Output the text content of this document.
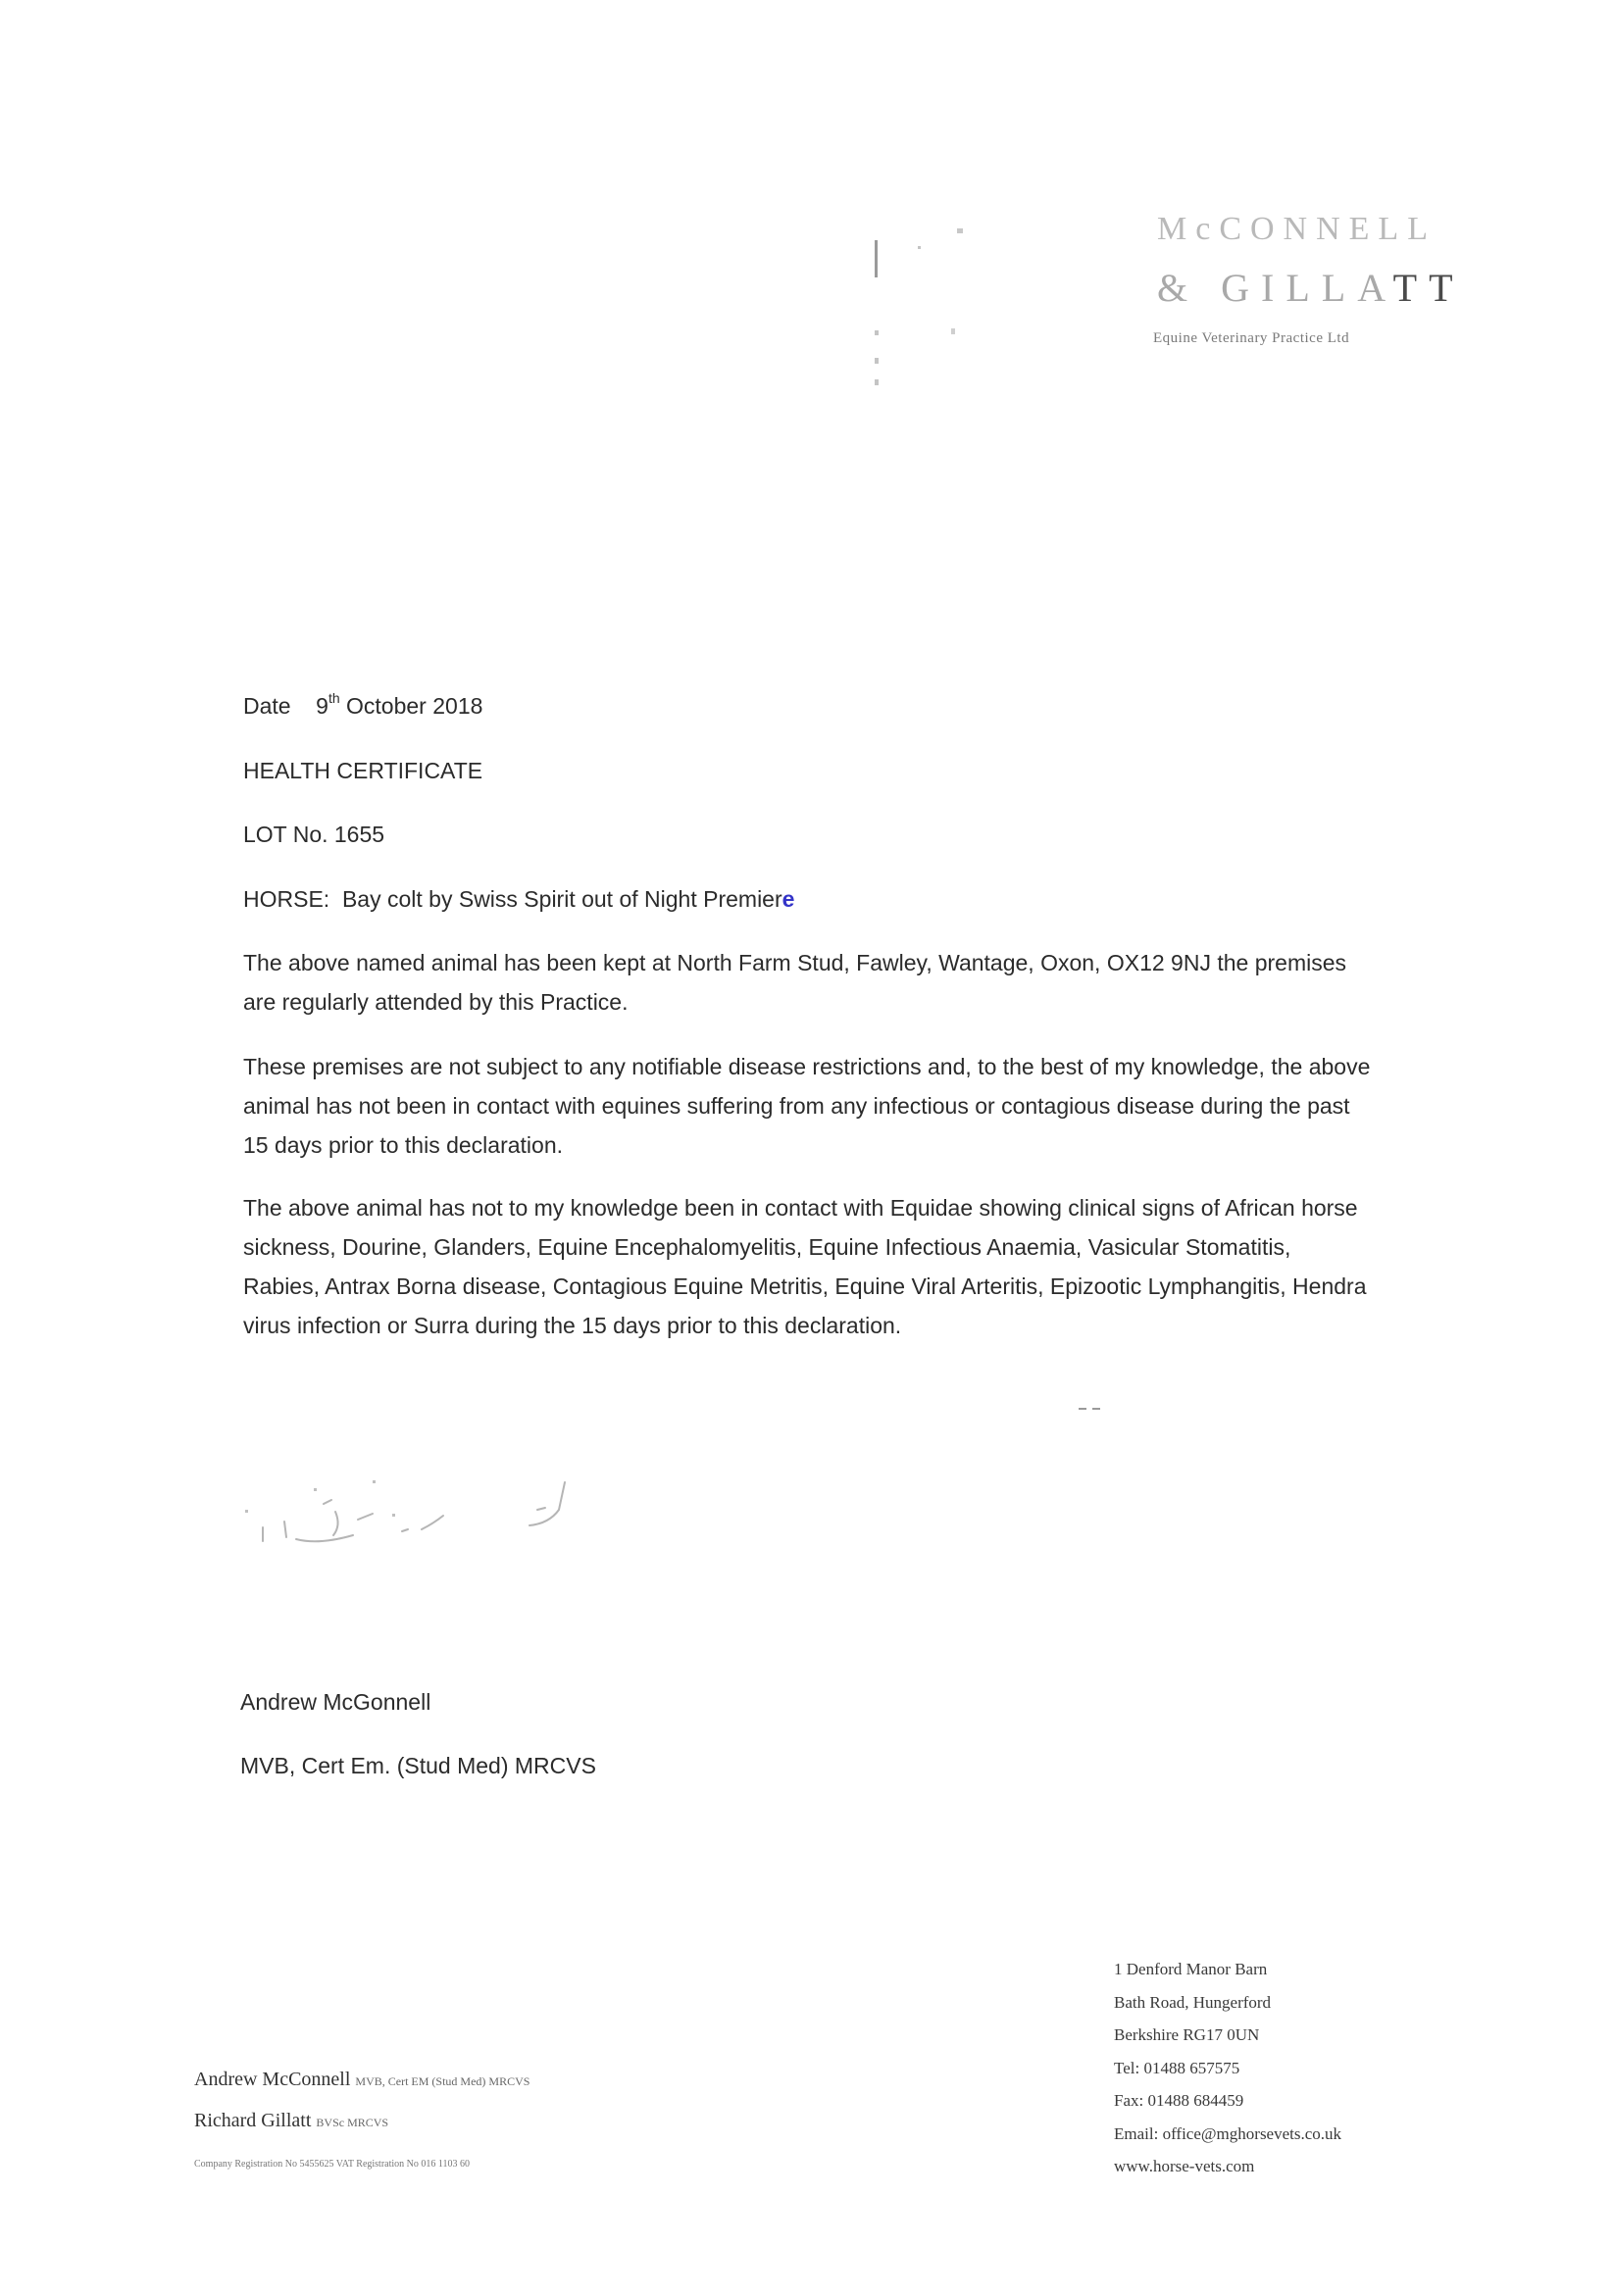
McCONNELL
& GILLATT
Equine Veterinary Practice Ltd
Date 9th October 2018
HEALTH CERTIFICATE
LOT No. 1655
HORSE: Bay colt by Swiss Spirit out of Night Premiere
The above named animal has been kept at North Farm Stud, Fawley, Wantage, Oxon, OX12 9NJ the premises are regularly attended by this Practice.
These premises are not subject to any notifiable disease restrictions and, to the best of my knowledge, the above animal has not been in contact with equines suffering from any infectious or contagious disease during the past 15 days prior to this declaration.
The above animal has not to my knowledge been in contact with Equidae showing clinical signs of African horse sickness, Dourine, Glanders, Equine Encephalomyelitis, Equine Infectious Anaemia, Vasicular Stomatitis, Rabies, Antrax Borna disease, Contagious Equine Metritis, Equine Viral Arteritis, Epizootic Lymphangitis, Hendra virus infection or Surra during the 15 days prior to this declaration.
Andrew McGonnell
MVB, Cert Em. (Stud Med) MRCVS
Andrew McConnell MVB, Cert EM (Stud Med) MRCVS
Richard Gillatt BVSc MRCVS
Company Registration No 5455625 VAT Registration No 016 1103 60
1 Denford Manor Barn
Bath Road, Hungerford
Berkshire RG17 0UN
Tel: 01488 657575
Fax: 01488 684459
Email: office@mghorsevets.co.uk
www.horse-vets.com
